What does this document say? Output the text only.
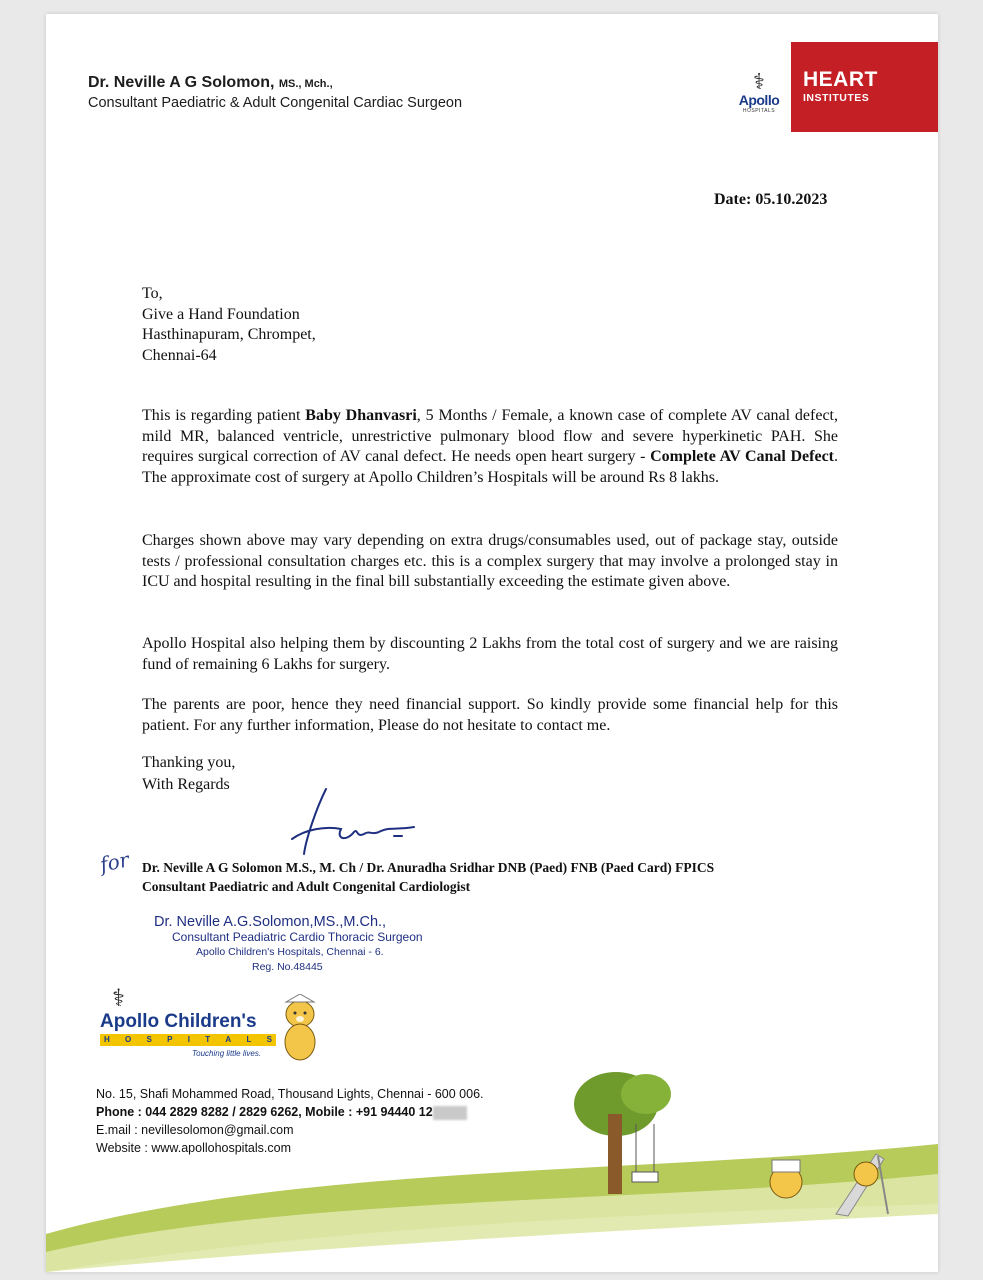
Dr. Neville A G Solomon, MS., Mch.,
Consultant Paediatric & Adult Congenital Cardiac Surgeon
⚕
Apollo
HOSPITALS
HEART
INSTITUTES
Date: 05.10.2023
To,
Give a Hand Foundation
Hasthinapuram, Chrompet,
Chennai-64
This is regarding patient Baby Dhanvasri, 5 Months / Female, a known case of complete AV canal defect, mild MR, balanced ventricle, unrestrictive pulmonary blood flow and severe hyperkinetic PAH. She requires surgical correction of AV canal defect. He needs open heart surgery - Complete AV Canal Defect. The approximate cost of surgery at Apollo Children’s Hospitals will be around Rs 8 lakhs.
Charges shown above may vary depending on extra drugs/consumables used, out of package stay, outside tests / professional consultation charges etc. this is a complex surgery that may involve a prolonged stay in ICU and hospital resulting in the final bill substantially exceeding the estimate given above.
Apollo Hospital also helping them by discounting 2 Lakhs from the total cost of surgery and we are raising fund of remaining 6 Lakhs for surgery.
The parents are poor, hence they need financial support. So kindly provide some financial help for this patient. For any further information, Please do not hesitate to contact me.
Thanking you,
With Regards
for Dr. Neville A G Solomon M.S., M. Ch / Dr. Anuradha Sridhar DNB (Paed) FNB (Paed Card) FPICS
Consultant Paediatric and Adult Congenital Cardiologist
Dr. Neville A.G.Solomon,MS.,M.Ch.,
Consultant Peadiatric Cardio Thoracic Surgeon
Apollo Children's Hospitals, Chennai - 6.
Reg. No.48445
⚕
Apollo Children's
H O S P I T A L S
Touching little lives.
No. 15, Shafi Mohammed Road, Thousand Lights, Chennai - 600 006.
Phone : 044 2829 8282 / 2829 6262, Mobile : +91 94440 12
E.mail : nevillesolomon@gmail.com
Website : www.apollohospitals.com
